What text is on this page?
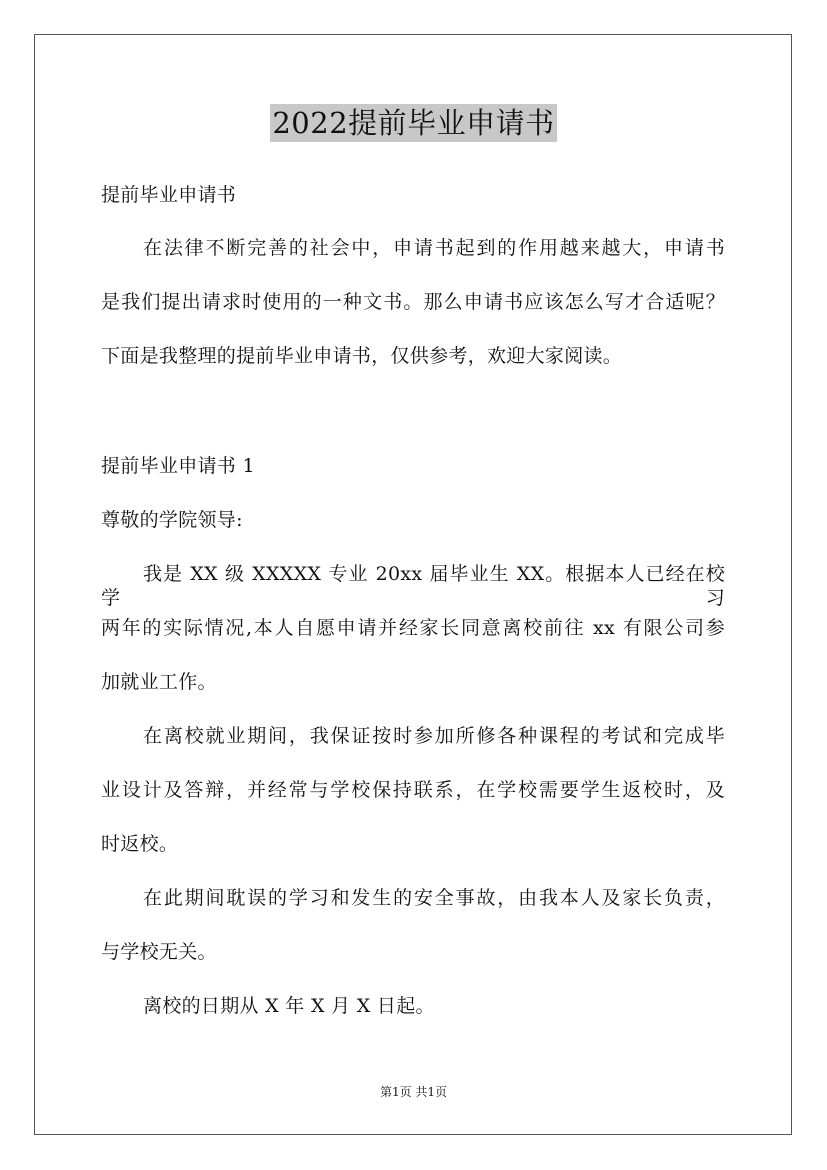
2022提前毕业申请书
提前毕业申请书
在法律不断完善的社会中，申请书起到的作用越来越大，申请书
是我们提出请求时使用的一种文书。那么申请书应该怎么写才合适呢？
下面是我整理的提前毕业申请书，仅供参考，欢迎大家阅读。
提前毕业申请书 1
尊敬的学院领导:
我是 XX 级 XXXXX 专业 20xx 届毕业生 XX。根据本人已经在校学习
两年的实际情况,本人自愿申请并经家长同意离校前往 xx 有限公司参
加就业工作。
在离校就业期间，我保证按时参加所修各种课程的考试和完成毕
业设计及答辩，并经常与学校保持联系，在学校需要学生返校时，及
时返校。
在此期间耽误的学习和发生的安全事故，由我本人及家长负责，
与学校无关。
离校的日期从 X 年 X 月 X 日起。
第1页 共1页
